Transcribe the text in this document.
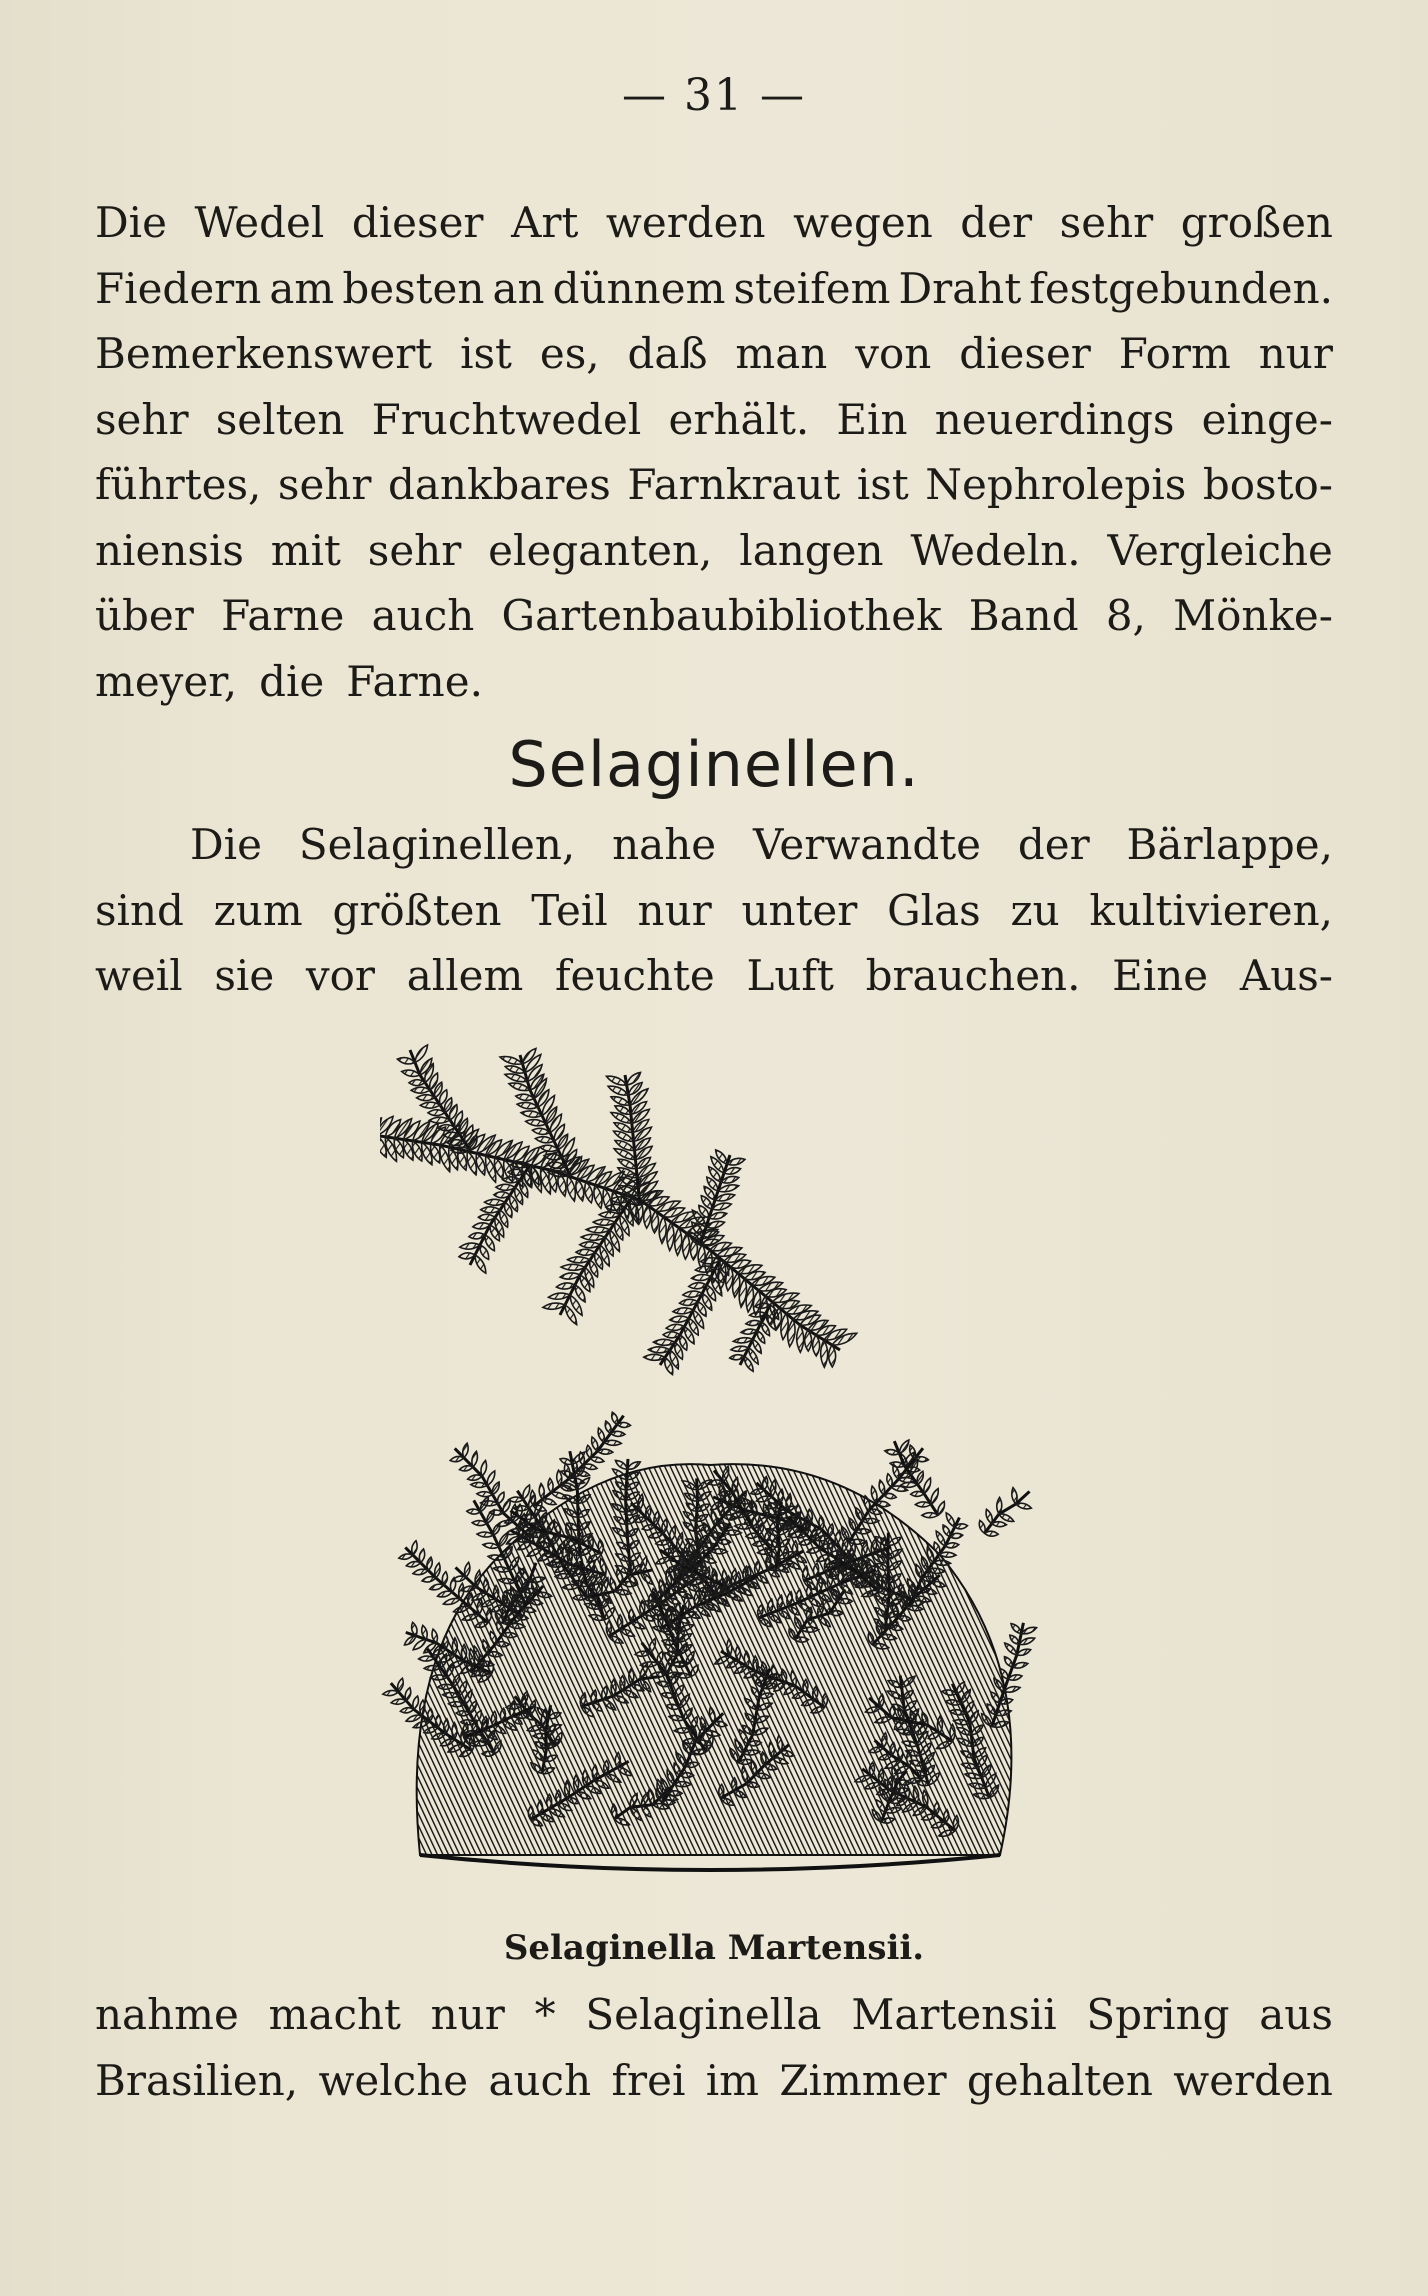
— 31 —
Die Wedel dieser Art werden wegen der sehr großen
Fiedern am besten an dünnem steifem Draht festgebunden.
Bemerkenswert ist es, daß man von dieser Form nur
sehr selten Fruchtwedel erhält. Ein neuerdings einge-
führtes, sehr dankbares Farnkraut ist Nephrolepis bosto-
niensis mit sehr eleganten, langen Wedeln. Vergleiche
über Farne auch Gartenbaubibliothek Band 8, Mönke-
meyer, die Farne.
Selaginellen.
Die Selaginellen, nahe Verwandte der Bärlappe,
sind zum größten Teil nur unter Glas zu kultivieren,
weil sie vor allem feuchte Luft brauchen. Eine Aus-
Selaginella Martensii.
nahme macht nur * Selaginella Martensii Spring aus
Brasilien, welche auch frei im Zimmer gehalten werden
